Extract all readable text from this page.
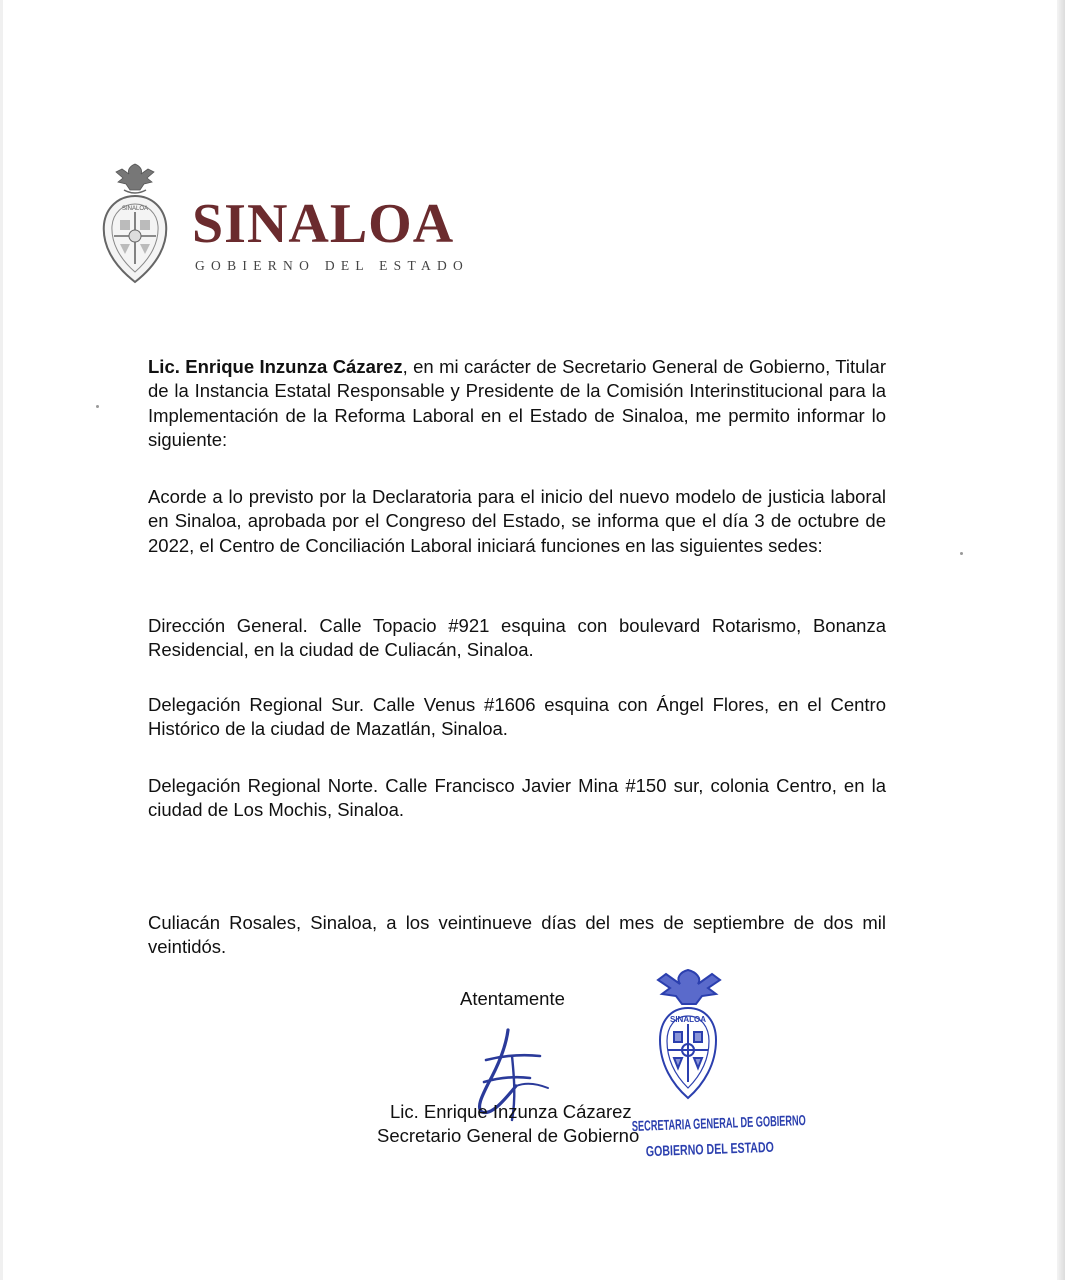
SINALOA SINALOA
GOBIERNO DEL ESTADO

Lic. Enrique Inzunza Cázarez, en mi carácter de Secretario General de Gobierno, Titular de la Instancia Estatal Responsable y Presidente de la Comisión Interinstitucional para la Implementación de la Reforma Laboral en el Estado de Sinaloa, me permito informar lo siguiente:

Acorde a lo previsto por la Declaratoria para el inicio del nuevo modelo de justicia laboral en Sinaloa, aprobada por el Congreso del Estado, se informa que el día 3 de octubre de 2022, el Centro de Conciliación Laboral iniciará funciones en las siguientes sedes:

Dirección General. Calle Topacio #921 esquina con boulevard Rotarismo, Bonanza Residencial, en la ciudad de Culiacán, Sinaloa.

Delegación Regional Sur. Calle Venus #1606 esquina con Ángel Flores, en el Centro Histórico de la ciudad de Mazatlán, Sinaloa.

Delegación Regional Norte. Calle Francisco Javier Mina #150 sur, colonia Centro, en la ciudad de Los Mochis, Sinaloa.

Culiacán Rosales, Sinaloa, a los veintinueve días del mes de septiembre de dos mil veintidós.

Atentamente
Lic. Enrique Inzunza Cázarez
Secretario General de Gobierno
SINALOA
SECRETARIA GENERAL DE GOBIERNO
GOBIERNO DEL ESTADO
